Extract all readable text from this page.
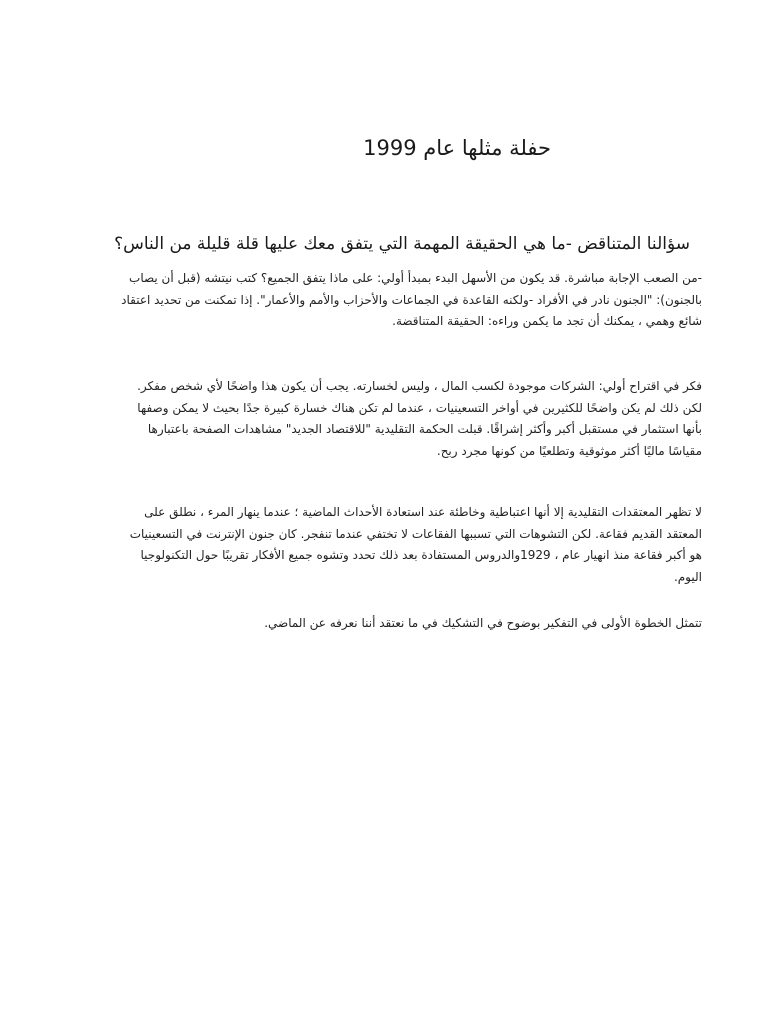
حفلة مثلها عام 1999
سؤالنا المتناقض -ما هي الحقيقة المهمة التي يتفق معك عليها قلة قليلة من الناس؟

-من الصعب الإجابة مباشرة. قد يكون من الأسهل البدء بمبدأ أولي: على ماذا يتفق الجميع؟ كتب نيتشه (قبل أن يصاب
بالجنون): "الجنون نادر في الأفراد -ولكنه القاعدة في الجماعات والأحزاب والأمم والأعمار". إذا تمكنت من تحديد اعتقاد
شائع وهمي ، يمكنك أن تجد ما يكمن وراءه: الحقيقة المتناقضة.

فكر في اقتراح أولي: الشركات موجودة لكسب المال ، وليس لخسارته. يجب أن يكون هذا واضحًا لأي شخص مفكر.
لكن ذلك لم يكن واضحًا للكثيرين في أواخر التسعينيات ، عندما لم تكن هناك خسارة كبيرة جدًا بحيث لا يمكن وصفها
بأنها استثمار في مستقبل أكبر وأكثر إشراقًا. قبلت الحكمة التقليدية "للاقتصاد الجديد" مشاهدات الصفحة باعتبارها
مقياسًا ماليًا أكثر موثوقية وتطلعيًا من كونها مجرد ربح.

لا تظهر المعتقدات التقليدية إلا أنها اعتباطية وخاطئة عند استعادة الأحداث الماضية ؛ عندما ينهار المرء ، نطلق على
المعتقد القديم فقاعة. لكن التشوهات التي تسببها الفقاعات لا تختفي عندما تنفجر. كان جنون الإنترنت في التسعينيات
هو أكبر فقاعة منذ انهيار عام ، 1929والدروس المستفادة بعد ذلك تحدد وتشوه جميع الأفكار تقريبًا حول التكنولوجيا
اليوم.

تتمثل الخطوة الأولى في التفكير بوضوح في التشكيك في ما نعتقد أننا نعرفه عن الماضي.
